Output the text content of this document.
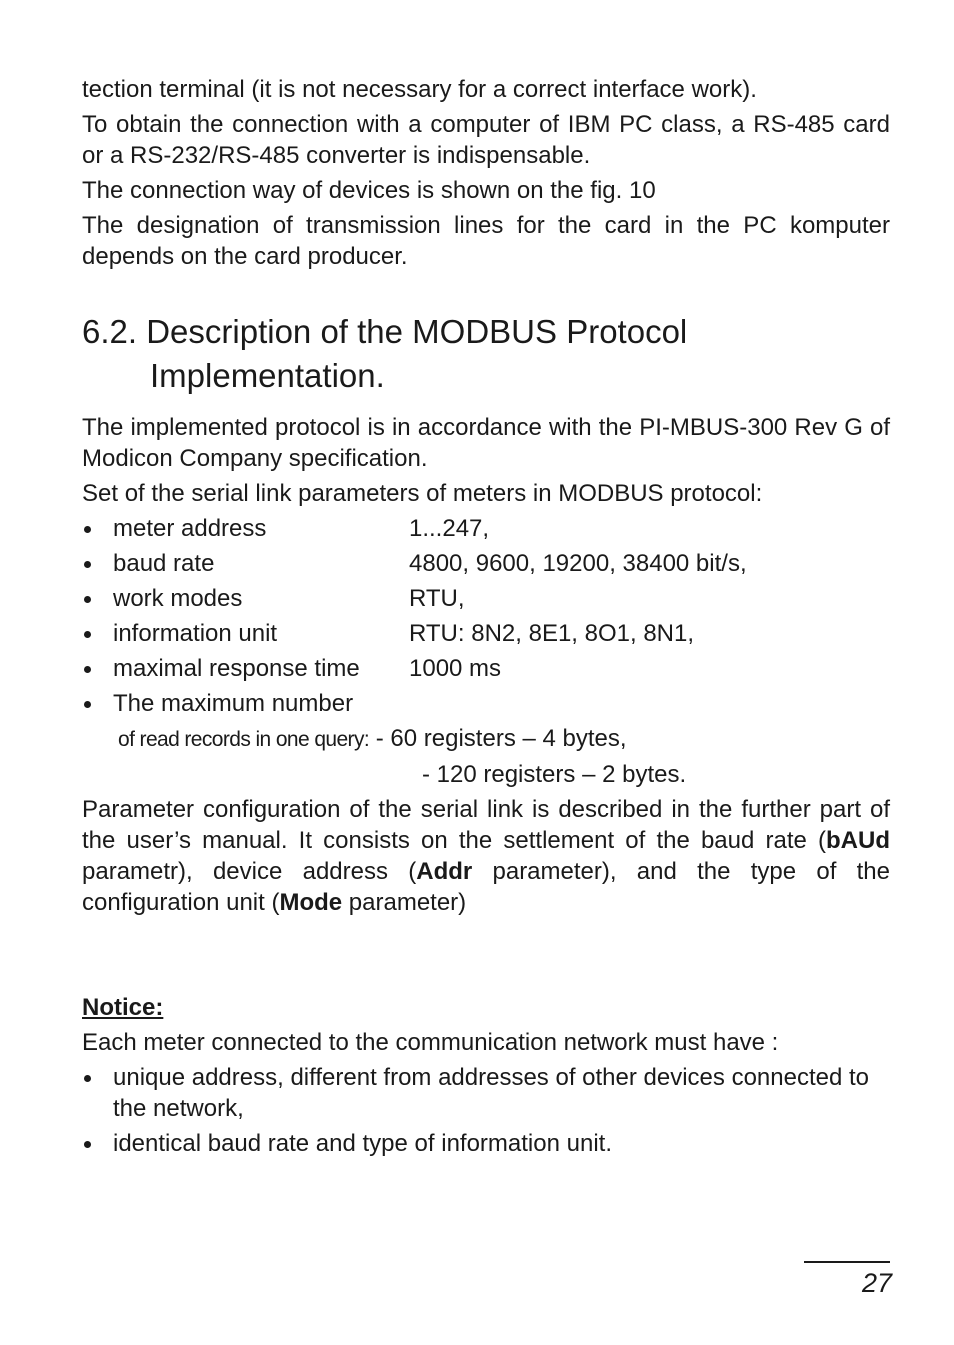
tection terminal (it is not necessary for a correct interface work).

To obtain the connection with a computer of IBM PC class, a RS-485 card or a RS-232/RS-485 converter is indispensable.

The connection way of devices is shown on the fig. 10

The designation of transmission lines for the card in the PC komputer depends on the card producer.

6.2. Description of the MODBUS Protocol Implementation.

The implemented protocol is in accordance with the PI-MBUS-300 Rev G of Modicon Company specification.

Set of the serial link parameters of meters in MODBUS protocol:

meter address	1...247,
baud rate	4800, 9600, 19200, 38400 bit/s,
work modes	RTU,
information unit	RTU: 8N2, 8E1, 8O1, 8N1,
maximal response time 1000 ms
The maximum number
of read records in one query: - 60 registers – 4 bytes,
- 120 registers – 2 bytes.

Parameter configuration of the serial link is described in the further part of the user’s manual. It consists on the settlement of the baud rate (bAUd parametr), device address (Addr parameter), and the type of the configuration unit (Mode parameter)

Notice:

Each meter connected to the communication network must have :

unique address, different from addresses of other devices connected to the network,
identical baud rate and type of information unit.
27
